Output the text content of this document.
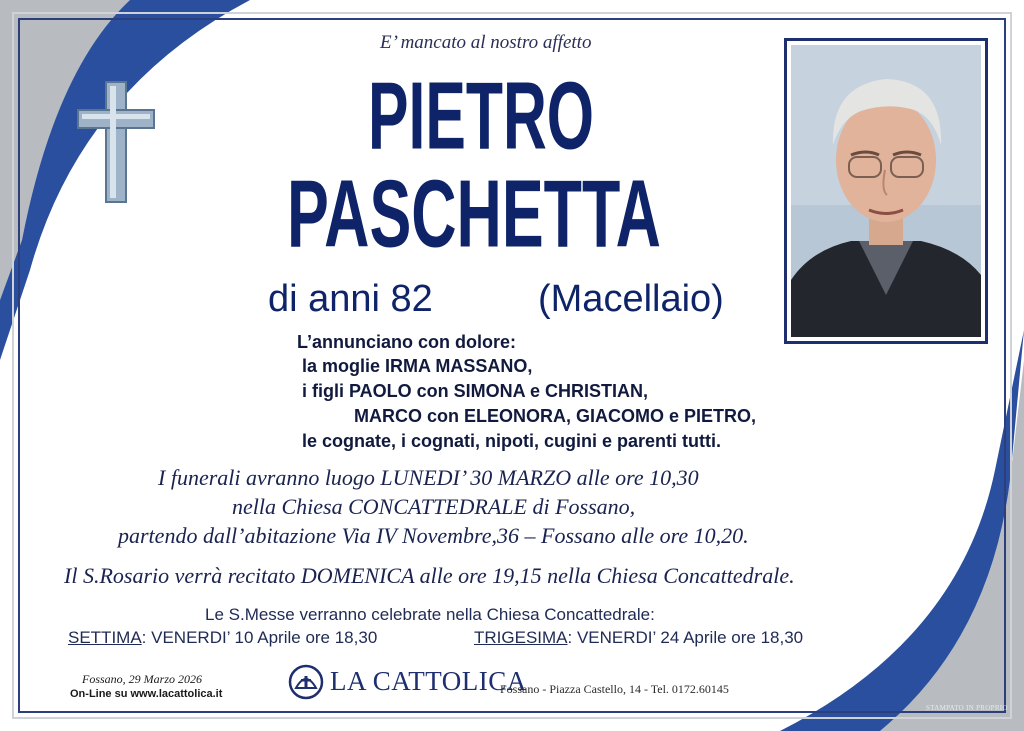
E’ mancato al nostro affetto
PIETRO
PASCHETTA
di anni 82	(Macellaio)
L’annunciano con dolore:
la moglie IRMA MASSANO,
i figli PAOLO con SIMONA e CHRISTIAN,
MARCO con ELEONORA, GIACOMO e PIETRO,
le cognate, i cognati, nipoti, cugini e parenti tutti.
I funerali avranno luogo LUNEDI’ 30 MARZO alle ore 10,30
nella Chiesa CONCATTEDRALE di Fossano,
partendo dall’abitazione Via IV Novembre,36 – Fossano alle ore 10,20.
Il S.Rosario verrà recitato DOMENICA alle ore 19,15 nella Chiesa Concattedrale.
Le S.Messe verranno celebrate nella Chiesa Concattedrale:
SETTIMA: VENERDI’ 10 Aprile ore 18,30	TRIGESIMA: VENERDI’ 24 Aprile ore 18,30
Fossano, 29 Marzo 2026
On-Line su www.lacattolica.it	LA CATTOLICA
Fossano - Piazza Castello, 14 - Tel. 0172.60145
STAMPATO IN PROPRIO
